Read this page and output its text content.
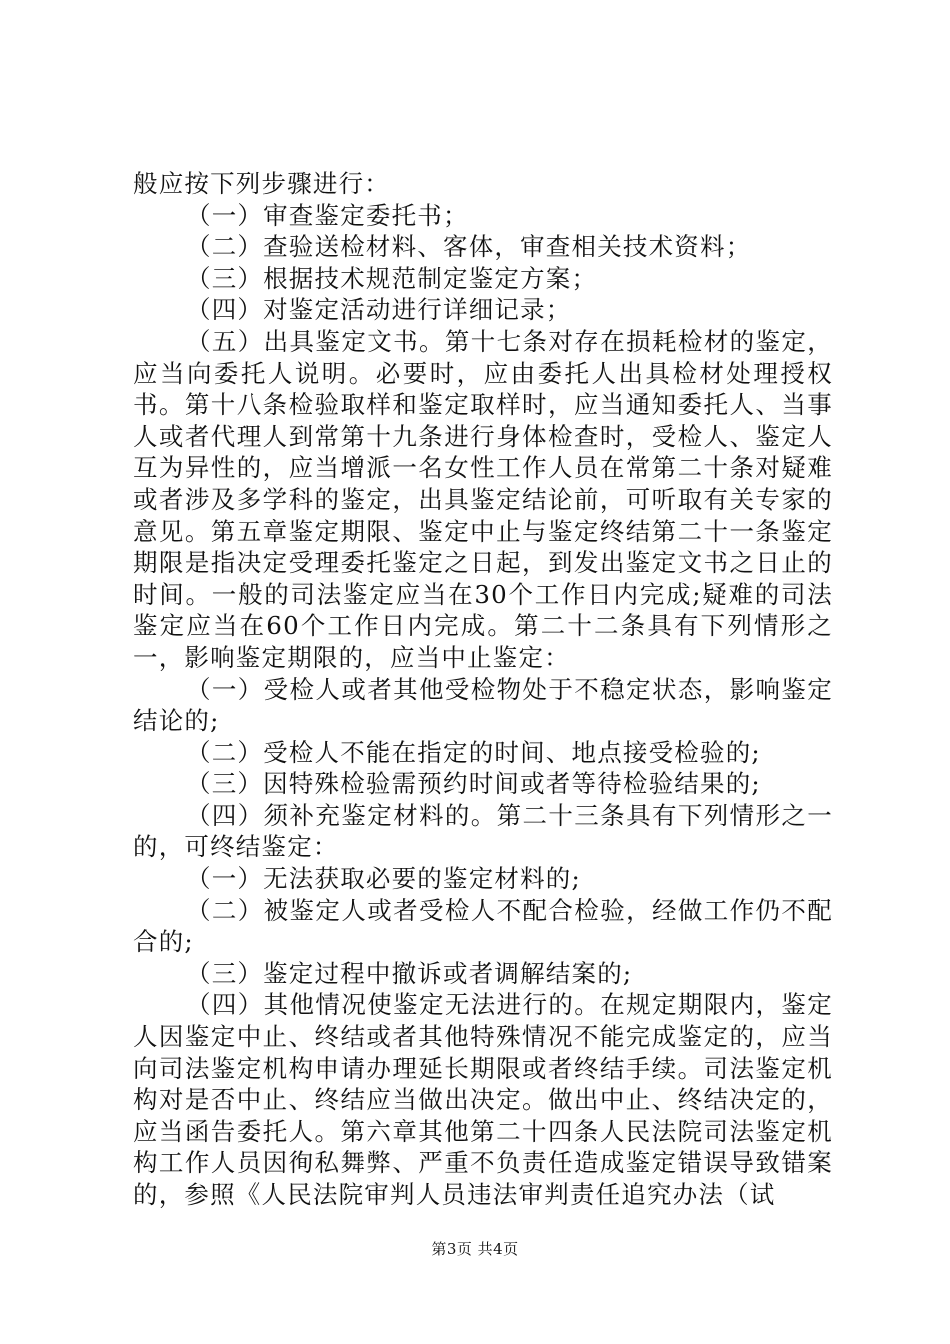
般应按下列步骤进行：

（一）审查鉴定委托书；

（二）查验送检材料、客体，审查相关技术资料；

（三）根据技术规范制定鉴定方案；

（四）对鉴定活动进行详细记录；

（五）出具鉴定文书。第十七条对存在损耗检材的鉴定，应当向委托人说明。必要时，应由委托人出具检材处理授权书。第十八条检验取样和鉴定取样时，应当通知委托人、当事人或者代理人到常第十九条进行身体检查时，受检人、鉴定人互为异性的，应当增派一名女性工作人员在常第二十条对疑难或者涉及多学科的鉴定，出具鉴定结论前，可听取有关专家的意见。第五章鉴定期限、鉴定中止与鉴定终结第二十一条鉴定期限是指决定受理委托鉴定之日起，到发出鉴定文书之日止的时间。一般的司法鉴定应当在30个工作日内完成;疑难的司法鉴定应当在60个工作日内完成。第二十二条具有下列情形之一，影响鉴定期限的，应当中止鉴定：

（一）受检人或者其他受检物处于不稳定状态，影响鉴定结论的;

（二）受检人不能在指定的时间、地点接受检验的;

（三）因特殊检验需预约时间或者等待检验结果的;

（四）须补充鉴定材料的。第二十三条具有下列情形之一的，可终结鉴定：

（一）无法获取必要的鉴定材料的;

（二）被鉴定人或者受检人不配合检验，经做工作仍不配合的;

（三）鉴定过程中撤诉或者调解结案的;

（四）其他情况使鉴定无法进行的。在规定期限内，鉴定人因鉴定中止、终结或者其他特殊情况不能完成鉴定的，应当向司法鉴定机构申请办理延长期限或者终结手续。司法鉴定机构对是否中止、终结应当做出决定。做出中止、终结决定的，应当函告委托人。第六章其他第二十四条人民法院司法鉴定机构工作人员因徇私舞弊、严重不负责任造成鉴定错误导致错案的，参照《人民法院审判人员违法审判责任追究办法（试

第3页 共4页
